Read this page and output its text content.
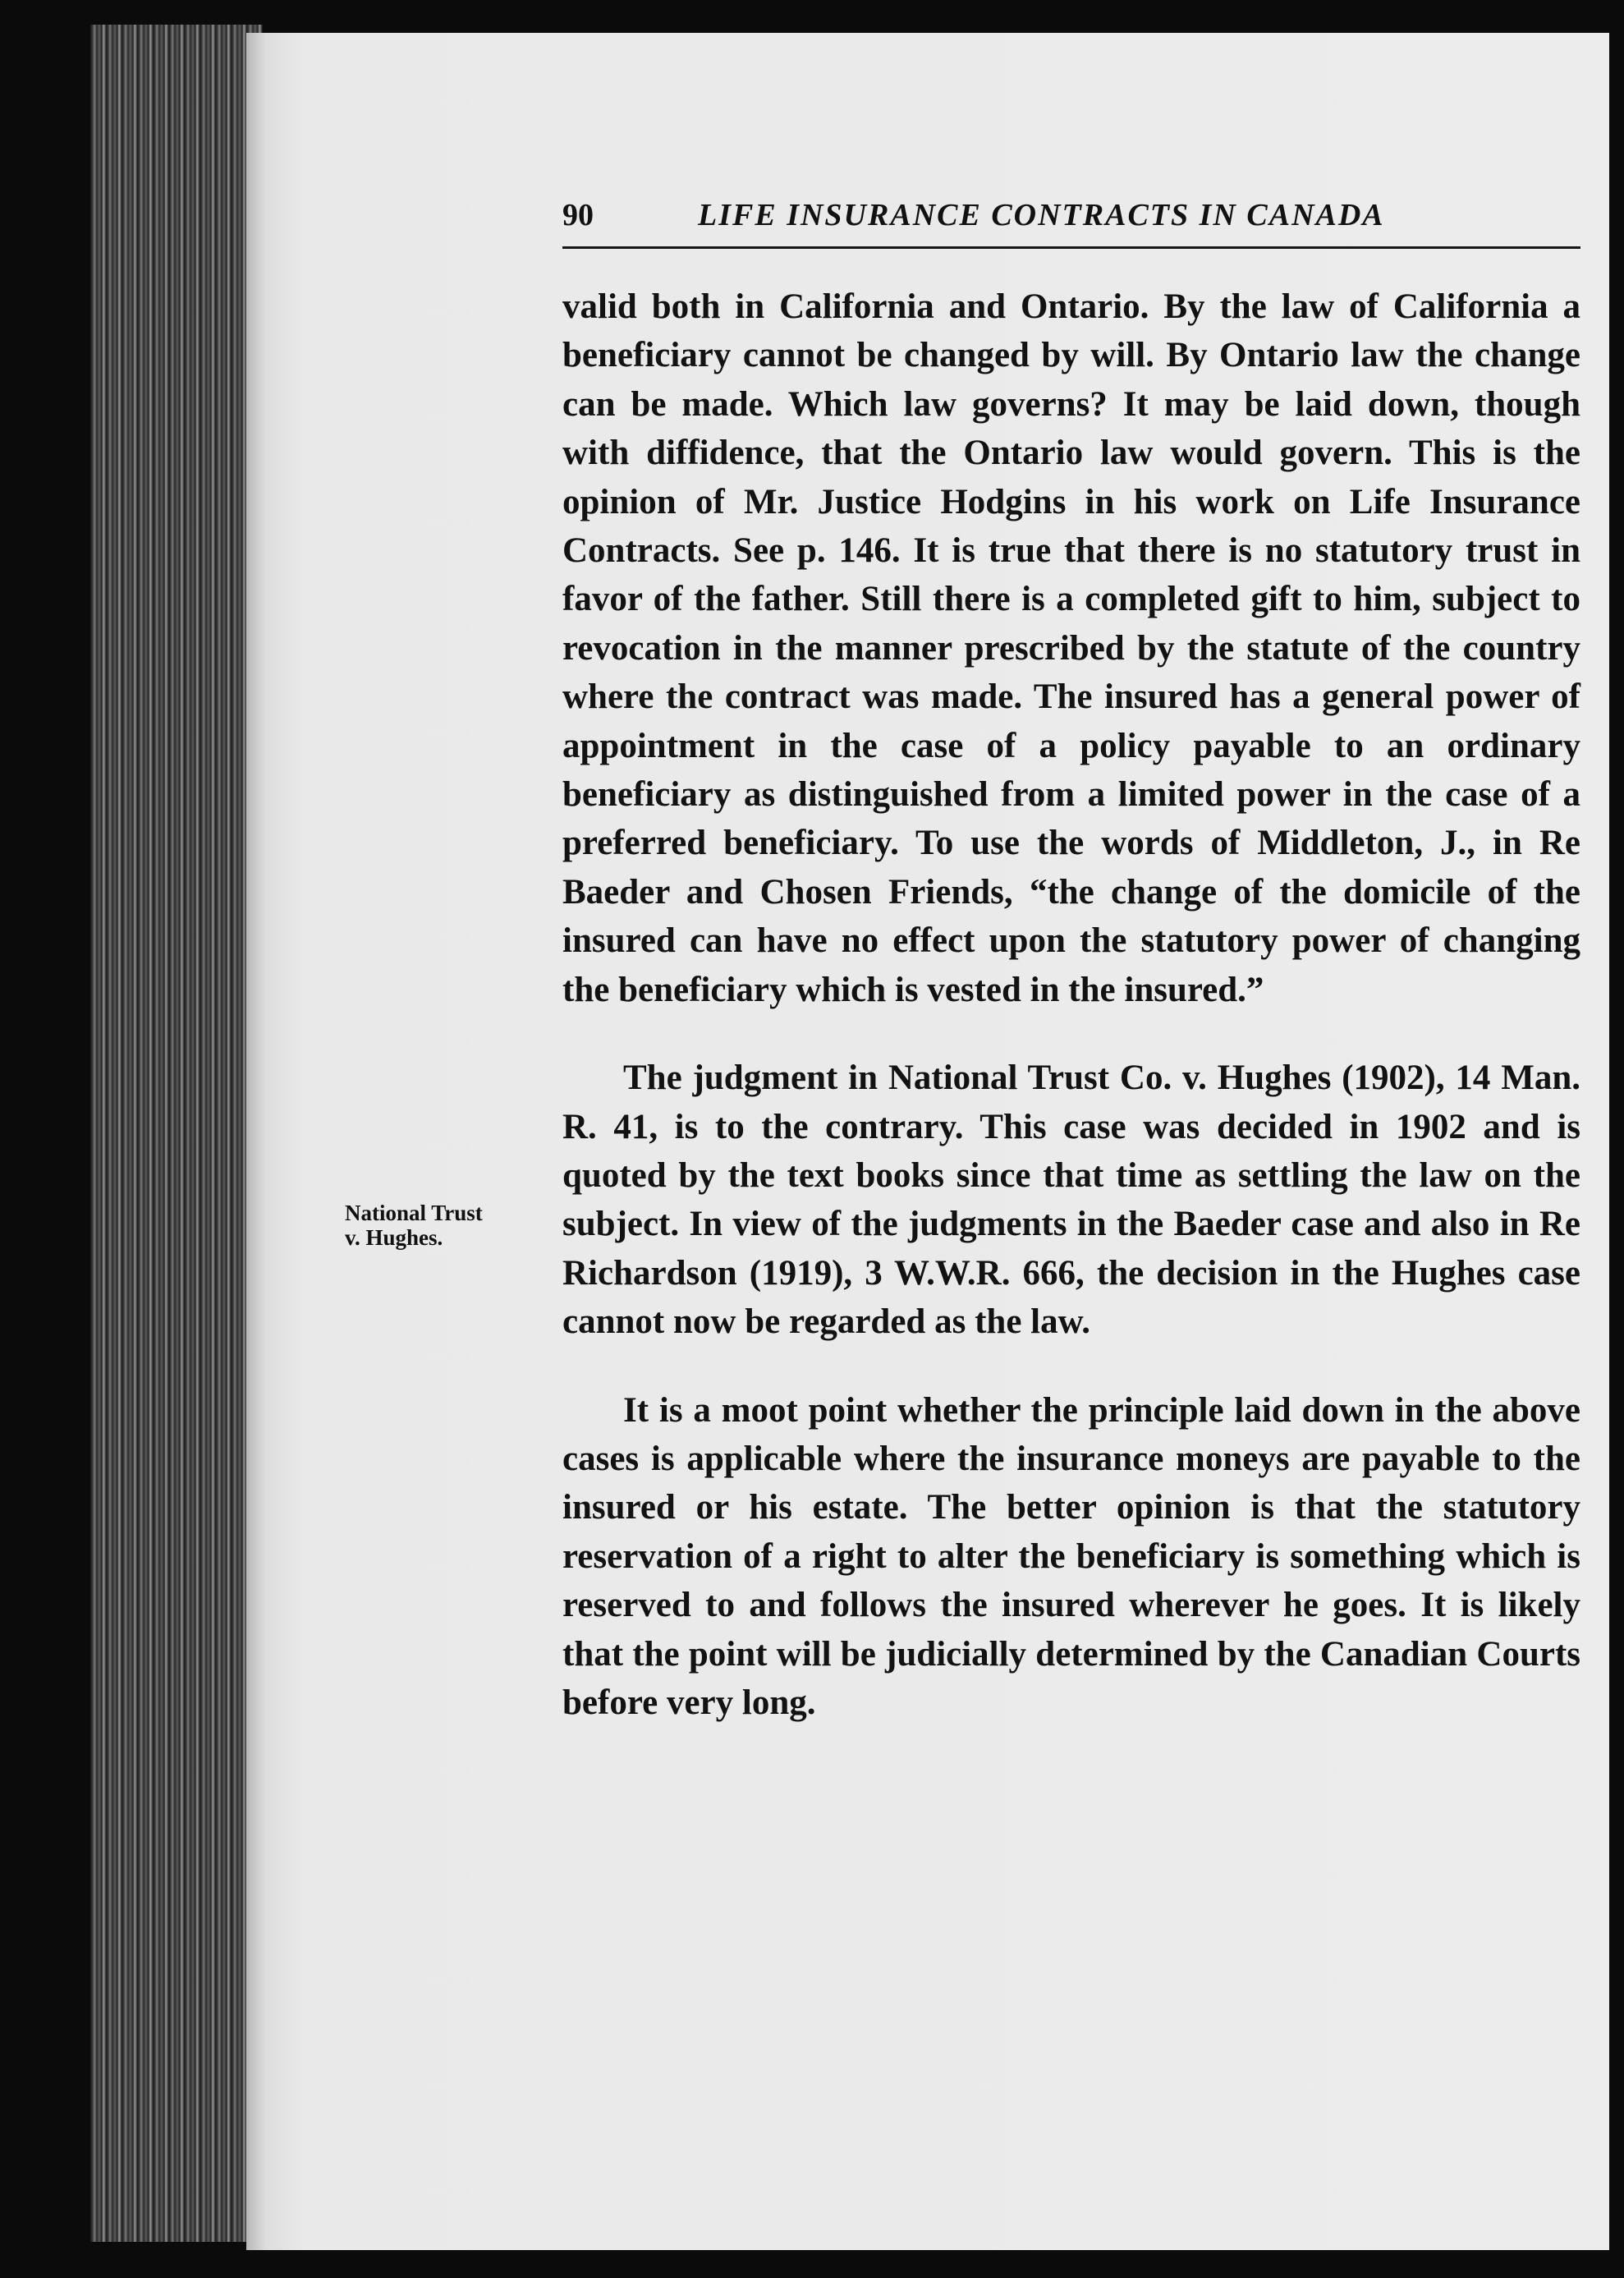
90	LIFE INSURANCE CONTRACTS IN CANADA
National Trust
v. Hughes.

valid both in California and Ontario. By the law of California a beneficiary cannot be changed by will. By Ontario law the change can be made. Which law governs? It may be laid down, though with diffidence, that the Ontario law would govern. This is the opinion of Mr. Justice Hodgins in his work on Life Insurance Contracts. See p. 146. It is true that there is no statutory trust in favor of the father. Still there is a completed gift to him, subject to revocation in the manner prescribed by the statute of the country where the contract was made. The insured has a general power of appointment in the case of a policy payable to an ordinary beneficiary as distinguished from a limited power in the case of a preferred beneficiary. To use the words of Middleton, J., in Re Baeder and Chosen Friends, “the change of the domicile of the insured can have no effect upon the statutory power of changing the beneficiary which is vested in the insured.”

The judgment in National Trust Co. v. Hughes (1902), 14 Man. R. 41, is to the contrary. This case was decided in 1902 and is quoted by the text books since that time as settling the law on the subject. In view of the judgments in the Baeder case and also in Re Richardson (1919), 3 W.W.R. 666, the decision in the Hughes case cannot now be regarded as the law.

It is a moot point whether the principle laid down in the above cases is applicable where the insurance moneys are payable to the insured or his estate. The better opinion is that the statutory reservation of a right to alter the beneficiary is something which is reserved to and follows the insured wherever he goes. It is likely that the point will be judicially determined by the Canadian Courts before very long.
